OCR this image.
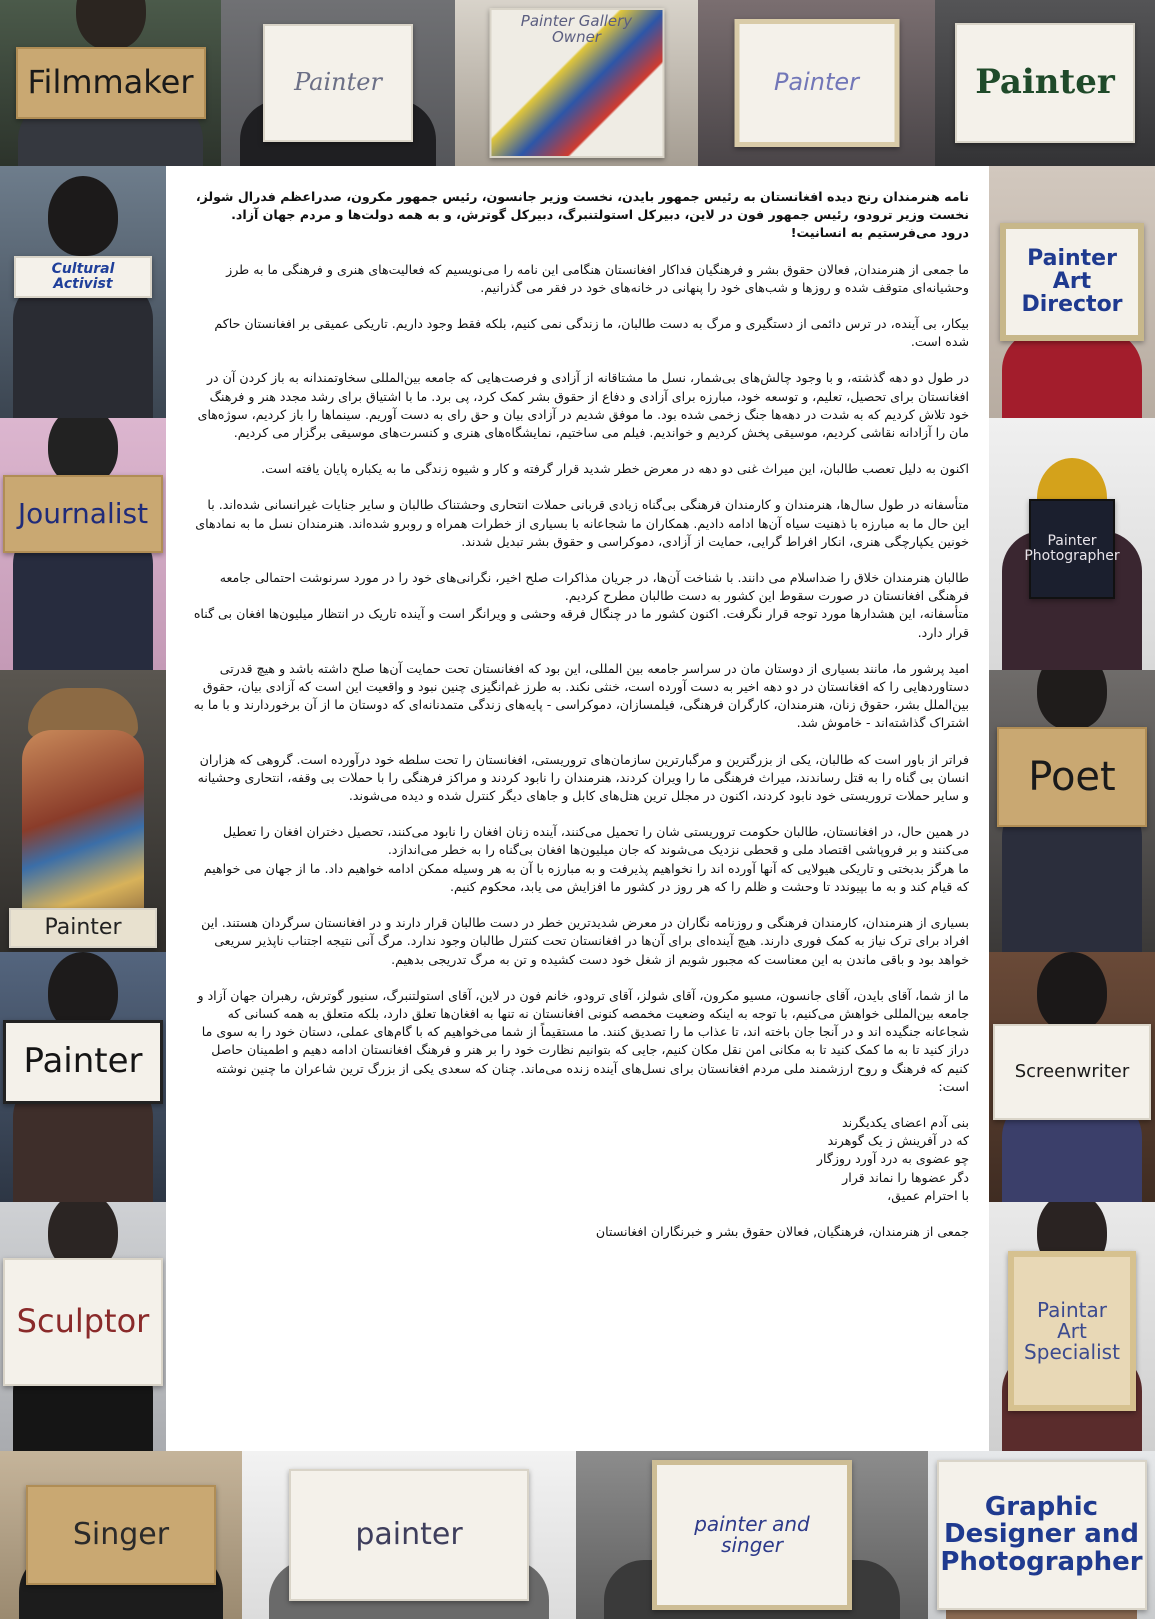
Filmmaker	Painter
Painter Gallery Owner
Painter	Painter
Cultural Activist
Journalist
Painter
Painter
Sculptor
Painter Art Director
Painter Photographer
Poet
Screenwriter
Paintar Art Specialist
Singer	painter	painter and singer
Graphic Designer and Photographer

نامه هنرمندان رنج دیده افغانستان به رئیس جمهور بایدن، نخست وزیر جانسون، رئیس جمهور مکرون، صدراعظم فدرال شولز، نخست وزیر ترودو، رئیس جمهور فون در لاین، دبیرکل استولتنبرگ، دبیرکل گوترش، و به همه دولت‌ها و مردم جهان آزاد.

درود می‌فرستیم به انسانیت!

ما جمعی از هنرمندان, فعالان حقوق بشر و فرهنگیان فداکار افغانستان هنگامی این نامه را می‌نویسیم که فعالیت‌های هنری و فرهنگی ما به طرز وحشیانه‌ای متوقف شده و روزها و شب‌های خود را پنهانی در خانه‌های خود در فقر می گذرانیم.

بیکار، بی آینده، در ترس دائمی از دستگیری و مرگ به دست طالبان، ما زندگی نمی کنیم، بلکه فقط وجود داریم. تاریکی عمیقی بر افغانستان حاکم شده است.

در طول دو دهه گذشته، و با وجود چالش‌های بی‌شمار، نسل ما مشتاقانه از آزادی و فرصت‌هایی که جامعه بین‌المللی سخاوتمندانه به باز کردن آن در افغانستان برای تحصیل، تعلیم، و توسعه خود، مبارزه برای آزادی و دفاع از حقوق بشر کمک کرد، پی برد. ما با اشتیاق برای رشد مجدد هنر و فرهنگ خود تلاش کردیم که به شدت در دهه‌ها جنگ زخمی شده بود. ما موفق شدیم در آزادی بیان و حق رای به دست آوریم. سینماها را باز کردیم، سوژه‌های مان را آزادانه نقاشی کردیم، موسیقی پخش کردیم و خواندیم. فیلم می ساختیم، نمایشگاه‌های هنری و کنسرت‌های موسیقی برگزار می کردیم.

اکنون به دلیل تعصب طالبان، این میراث غنی دو دهه در معرض خطر شدید قرار گرفته و کار و شیوه زندگی ما به یکباره پایان یافته است.

متأسفانه در طول سال‌ها، هنرمندان و کارمندان فرهنگی بی‌گناه زیادی قربانی حملات انتحاری وحشتناک طالبان و سایر جنایات غیرانسانی شده‌اند. با این حال ما به مبارزه با ذهنیت سیاه آن‌ها ادامه دادیم. همکاران ما شجاعانه با بسیاری از خطرات همراه و روبرو شده‌اند. هنرمندان نسل ما به نمادهای خونین یکپارچگی هنری، انکار افراط گرایی، حمایت از آزادی، دموکراسی و حقوق بشر تبدیل شدند.

طالبان هنرمندان خلاق را ضداسلام می دانند. با شناخت آن‌ها، در جریان مذاکرات صلح اخیر، نگرانی‌های خود را در مورد سرنوشت احتمالی جامعه فرهنگی افغانستان در صورت سقوط این کشور به دست طالبان مطرح کردیم.
متأسفانه، این هشدارها مورد توجه قرار نگرفت. اکنون کشور ما در چنگال فرقه وحشی و ویرانگر است و آینده تاریک در انتظار میلیون‌ها افغان بی گناه قرار دارد.

امید پرشور ما، مانند بسیاری از دوستان مان در سراسر جامعه بین المللی، این بود که افغانستان تحت حمایت آن‌ها صلح داشته باشد و هیچ قدرتی دستاوردهایی را که افغانستان در دو دهه اخیر به دست آورده است، خنثی نکند. به طرز غم‌انگیزی چنین نبود و واقعیت این است که آزادی بیان، حقوق بین‌الملل بشر، حقوق زنان، هنرمندان، کارگران فرهنگی، فیلمسازان، دموکراسی - پایه‌های زندگی متمدنانه‌ای که دوستان ما از آن برخوردارند و با ما به اشتراک گذاشته‌اند - خاموش شد.

فراتر از باور است که طالبان، یکی از بزرگترین و مرگبارترین سازمان‌های تروریستی، افغانستان را تحت سلطه خود درآورده است. گروهی که هزاران انسان بی گناه را به قتل رساندند، میراث فرهنگی ما را ویران کردند، هنرمندان را نابود کردند و مراکز فرهنگی را با حملات بی وقفه، انتحاری وحشیانه و سایر حملات تروریستی خود نابود کردند، اکنون در مجلل ترین هتل‌های کابل و جاهای دیگر کنترل شده و دیده می‌شوند.

در همین حال، در افغانستان، طالبان حکومت تروریستی شان را تحمیل می‌کنند، آینده زنان افغان را نابود می‌کنند، تحصیل دختران افغان را تعطیل می‌کنند و بر فروپاشی اقتصاد ملی و قحطی نزدیک می‌شوند که جان میلیون‌ها افغان بی‌گناه را به خطر می‌اندازد.
ما هرگز بدبختی و تاریکی هیولایی که آنها آورده اند را نخواهیم پذیرفت و به مبارزه با آن به هر وسیله ممکن ادامه خواهیم داد. ما از جهان می خواهیم که قیام کند و به ما بپیوندد تا وحشت و ظلم را که هر روز در کشور ما افزایش می یابد، محکوم کنیم.

بسیاری از هنرمندان، کارمندان فرهنگی و روزنامه نگاران در معرض شدیدترین خطر در دست طالبان قرار دارند و در افغانستان سرگردان هستند. این افراد برای ترک نیاز به کمک فوری دارند. هیچ آینده‌ای برای آن‌ها در افغانستان تحت کنترل طالبان وجود ندارد. مرگ آنی نتیجه اجتناب ناپذیر سریعی خواهد بود و باقی ماندن به این معناست که مجبور شویم از شغل خود دست کشیده و تن به مرگ تدریجی بدهیم.

ما از شما، آقای بایدن، آقای جانسون، مسیو مکرون، آقای شولز، آقای ترودو، خانم فون در لاین، آقای استولتنبرگ، سنیور گوترش، رهبران جهان آزاد و جامعه بین‌المللی خواهش می‌کنیم، با توجه به اینکه وضعیت مخمصه کنونی افغانستان نه تنها به افغان‌ها تعلق دارد، بلکه متعلق به همه کسانی که شجاعانه جنگیده اند و در آنجا جان باخته اند، تا عذاب ما را تصدیق کنند. ما مستقیماً از شما می‌خواهیم که با گام‌های عملی، دستان خود را به سوی ما دراز کنید تا به ما کمک کنید تا به مکانی امن نقل مکان کنیم، جایی که بتوانیم نظارت خود را بر هنر و فرهنگ افغانستان ادامه دهیم و اطمینان حاصل کنیم که فرهنگ و روح ارزشمند ملی مردم افغانستان برای نسل‌های آینده زنده می‌ماند. چنان که سعدی یکی از بزرگ ترین شاعران ما چنین نوشته است:

بنی آدم اعضای یکدیگرند
که در آفرینش ز یک گوهرند
چو عضوی به درد آورد روزگار
دگر عضوها را نماند قرار
با احترام عمیق،

جمعی از هنرمندان، فرهنگیان, فعالان حقوق بشر و خبرنگاران افغانستان
